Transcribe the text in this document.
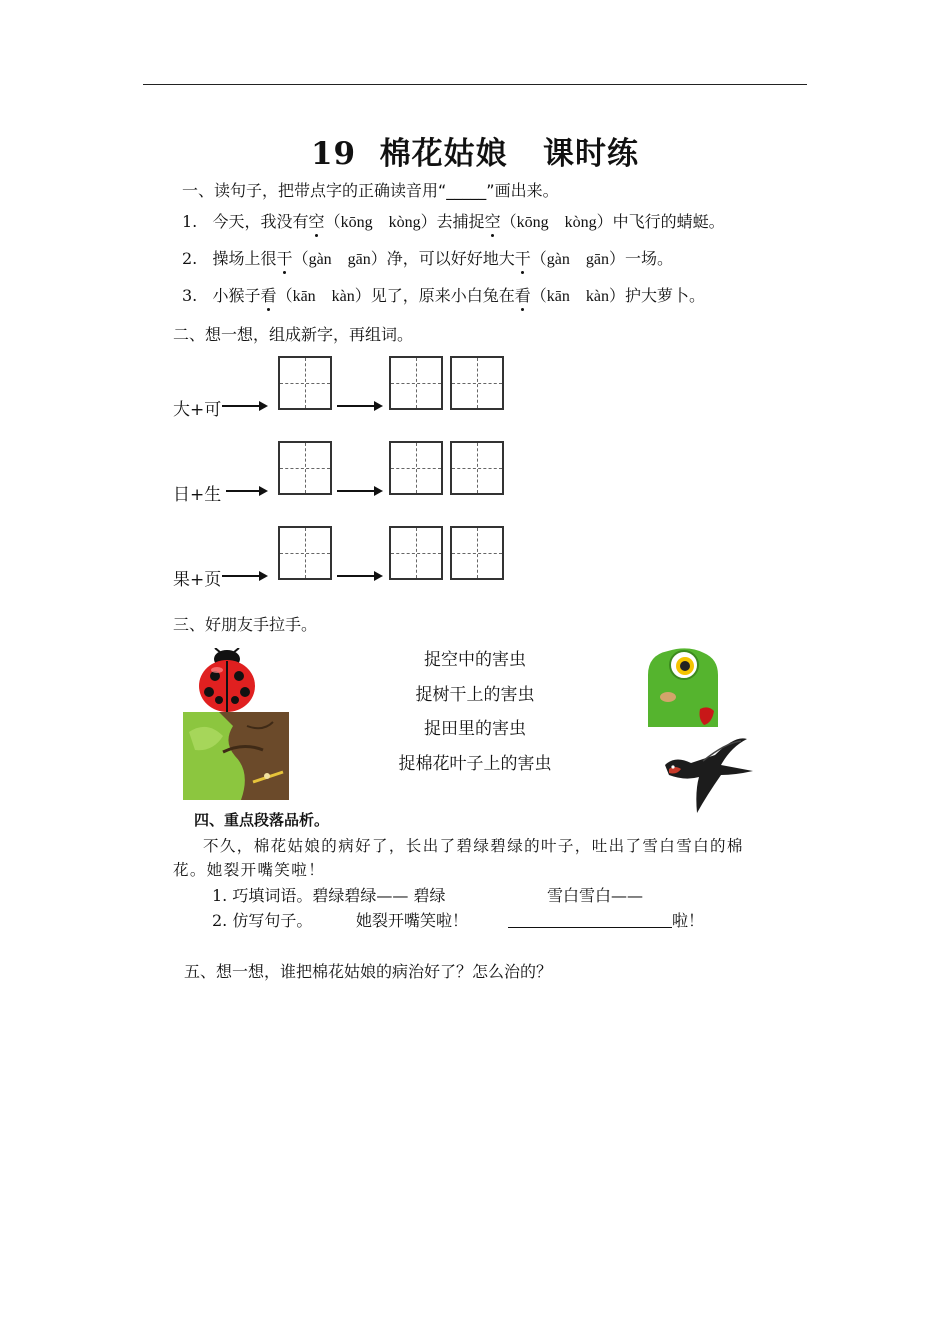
19  棉花姑娘   课时练
一、读句子，把带点字的正确读音用“_____”画出来。
1. 今天，我没有空（kōng　kòng）去捕捉空（kōng　kòng）中飞行的蜻蜓。
2. 操场上很干（gàn　gān）净，可以好好地大干（gàn　gān）一场。
3. 小猴子看（kān　kàn）见了，原来小白兔在看（kān　kàn）护大萝卜。
二、想一想，组成新字，再组词。
大+可
日+生
果+页
三、好朋友手拉手。
捉空中的害虫
捉树干上的害虫
捉田里的害虫
捉棉花叶子上的害虫
四、重点段落品析。
不久，棉花姑娘的病好了，长出了碧绿碧绿的叶子，吐出了雪白雪白的棉
花。她裂开嘴笑啦！
1. 巧填词语。碧绿碧绿—— 碧绿	雪白雪白——
2. 仿写句子。	她裂开嘴笑啦！	啦！
五、想一想，谁把棉花姑娘的病治好了？怎么治的？
